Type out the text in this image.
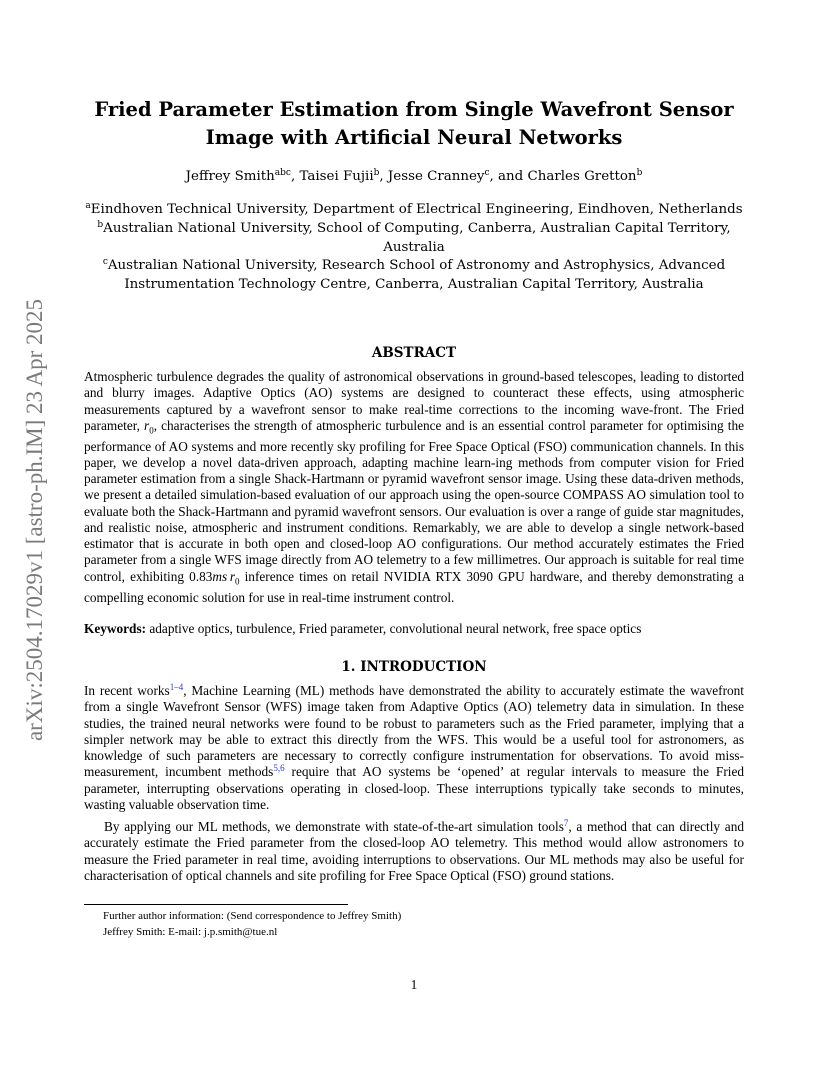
arXiv:2504.17029v1 [astro-ph.IM] 23 Apr 2025
Fried Parameter Estimation from Single Wavefront Sensor
Image with Artificial Neural Networks
Jeffrey Smith$^{abc}$, Taisei Fujii$^b$, Jesse Cranney$^c$, and Charles Gretton$^b$

$^a$Eindhoven Technical University, Department of Electrical Engineering, Eindhoven, Netherlands

$^b$Australian National University, School of Computing, Canberra, Australian Capital Territory, Australia

$^c$Australian National University, Research School of Astronomy and Astrophysics, Advanced Instrumentation Technology Centre, Canberra, Australian Capital Territory, Australia

ABSTRACT
Atmospheric turbulence degrades the quality of astronomical observations in ground-based telescopes, leading to distorted and blurry images. Adaptive Optics (AO) systems are designed to counteract these effects, using atmospheric measurements captured by a wavefront sensor to make real-time corrections to the incoming wave-front. The Fried parameter, $r_0$, characterises the strength of atmospheric turbulence and is an essential control parameter for optimising the performance of AO systems and more recently sky profiling for Free Space Optical (FSO) communication channels. In this paper, we develop a novel data-driven approach, adapting machine learn-ing methods from computer vision for Fried parameter estimation from a single Shack-Hartmann or pyramid wavefront sensor image. Using these data-driven methods, we present a detailed simulation-based evaluation of our approach using the open-source COMPASS AO simulation tool to evaluate both the Shack-Hartmann and pyramid wavefront sensors. Our evaluation is over a range of guide star magnitudes, and realistic noise, atmospheric and instrument conditions. Remarkably, we are able to develop a single network-based estimator that is accurate in both open and closed-loop AO configurations. Our method accurately estimates the Fried parameter from a single WFS image directly from AO telemetry to a few millimetres. Our approach is suitable for real time control, exhibiting 0.83ms  $r_0$ inference times on retail NVIDIA RTX 3090 GPU hardware, and thereby demonstrating a compelling economic solution for use in real-time instrument control.
Keywords: adaptive optics, turbulence, Fried parameter, convolutional neural network, free space optics
1. INTRODUCTION
In recent works$^{1-4}$, Machine Learning (ML) methods have demonstrated the ability to accurately estimate the wavefront from a single Wavefront Sensor (WFS) image taken from Adaptive Optics (AO) telemetry data in simulation. In these studies, the trained neural networks were found to be robust to parameters such as the Fried parameter, implying that a simpler network may be able to extract this directly from the WFS. This would be a useful tool for astronomers, as knowledge of such parameters are necessary to correctly configure instrumentation for observations. To avoid miss-measurement, incumbent methods$^{5,6}$ require that AO systems be ‘opened’ at regular intervals to measure the Fried parameter, interrupting observations operating in closed-loop. These interruptions typically take seconds to minutes, wasting valuable observation time.
By applying our ML methods, we demonstrate with state-of-the-art simulation tools$^7$, a method that can directly and accurately estimate the Fried parameter from the closed-loop AO telemetry. This method would allow astronomers to measure the Fried parameter in real time, avoiding interruptions to observations. Our ML methods may also be useful for characterisation of optical channels and site profiling for Free Space Optical (FSO) ground stations.
Further author information: (Send correspondence to Jeffrey Smith)
Jeffrey Smith: E-mail: j.p.smith@tue.nl
1
